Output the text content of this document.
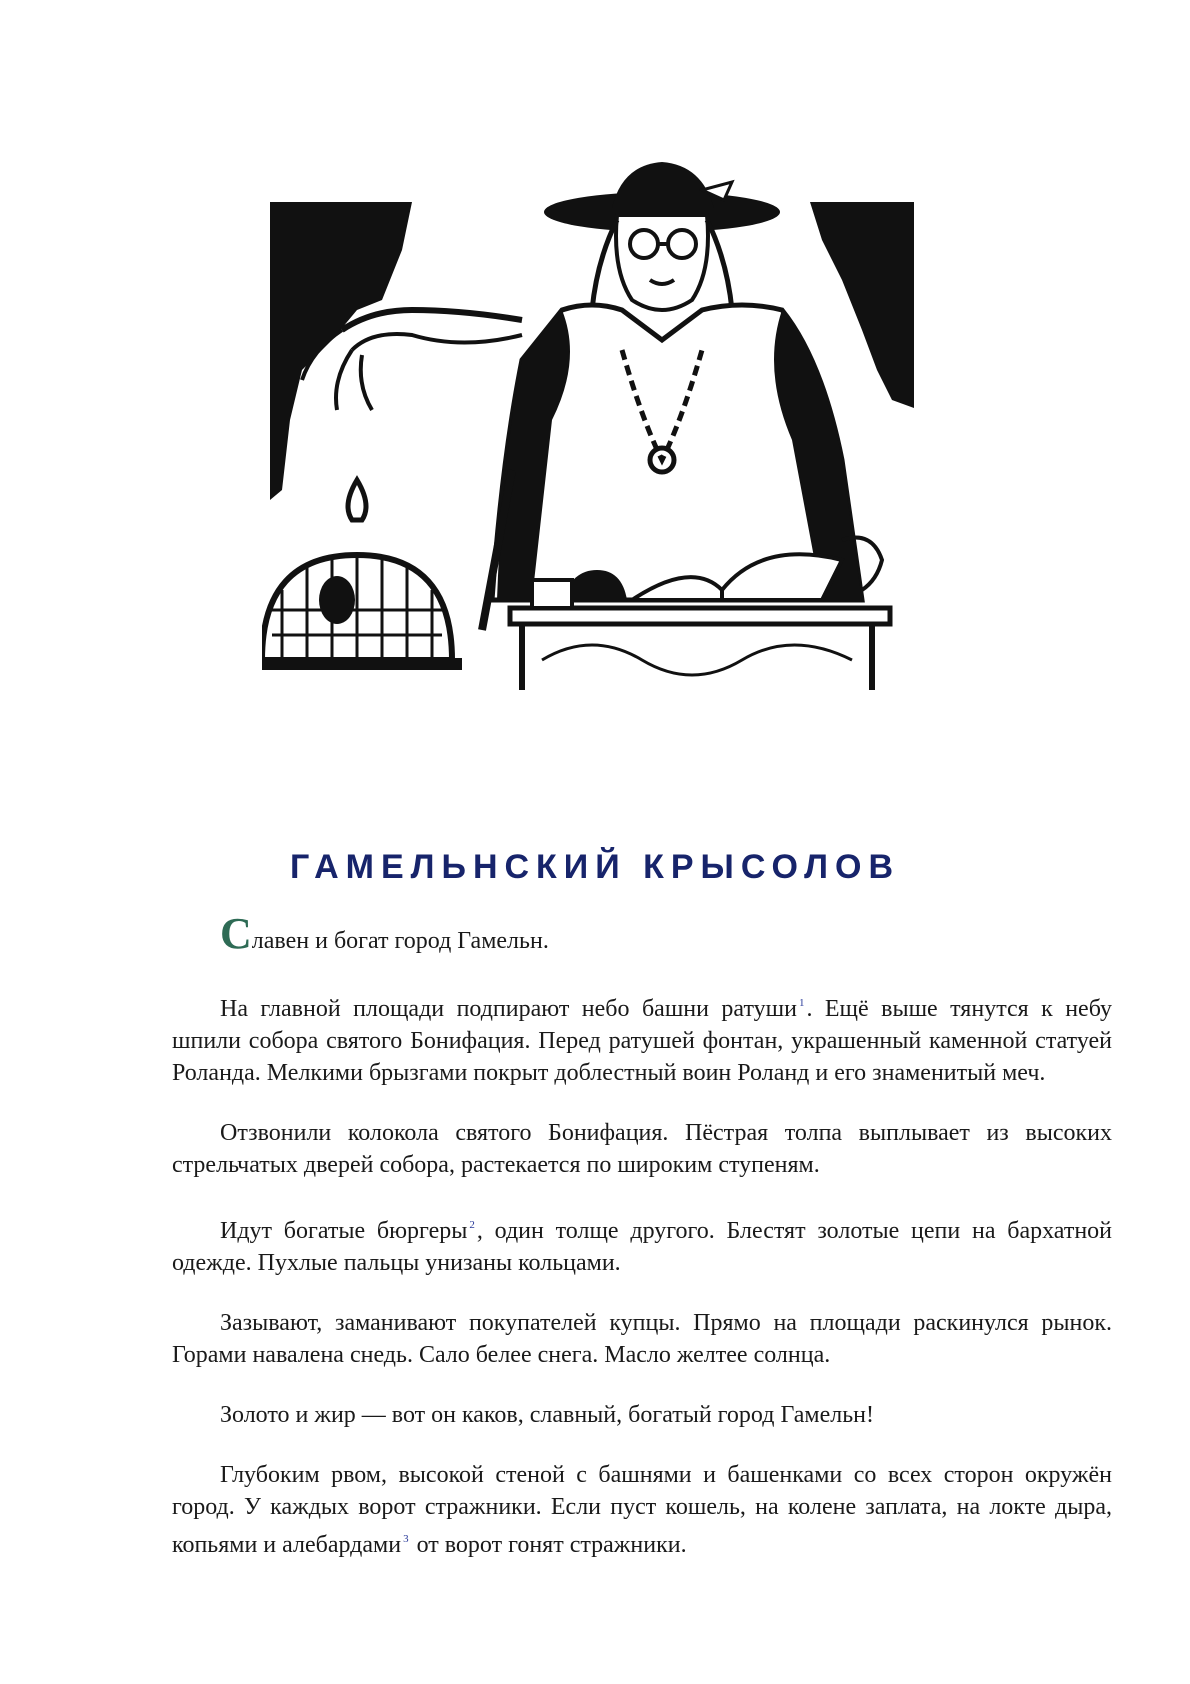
ГАМЕЛЬНСКИЙ КРЫСОЛОВ

Славен и богат город Гамельн.

На главной площади подпирают небо башни ратуши $^1$. Ещё выше тянутся к небу шпили собора святого Бонифация. Перед ратушей фонтан, украшенный каменной статуей Роланда. Мелкими брызгами покрыт доблестный воин Роланд и его знаменитый меч.

Отзвонили колокола святого Бонифация. Пёстрая толпа выплывает из высоких стрельчатых дверей собора, растекается по широким ступеням.

Идут богатые бюргеры $^2$, один толще другого. Блестят золотые цепи на бархатной одежде. Пухлые пальцы унизаны кольцами.

Зазывают, заманивают покупателей купцы. Прямо на площади раскинулся рынок. Горами навалена снедь. Сало белее снега. Масло желтее солнца.

Золото и жир — вот он каков, славный, богатый город Гамельн!

Глубоким рвом, высокой стеной с башнями и башенками со всех сторон окружён город. У каждых ворот стражники. Если пуст кошель, на колене заплата, на локте дыра, копьями и алебардами $^3$ от ворот гонят стражники.
